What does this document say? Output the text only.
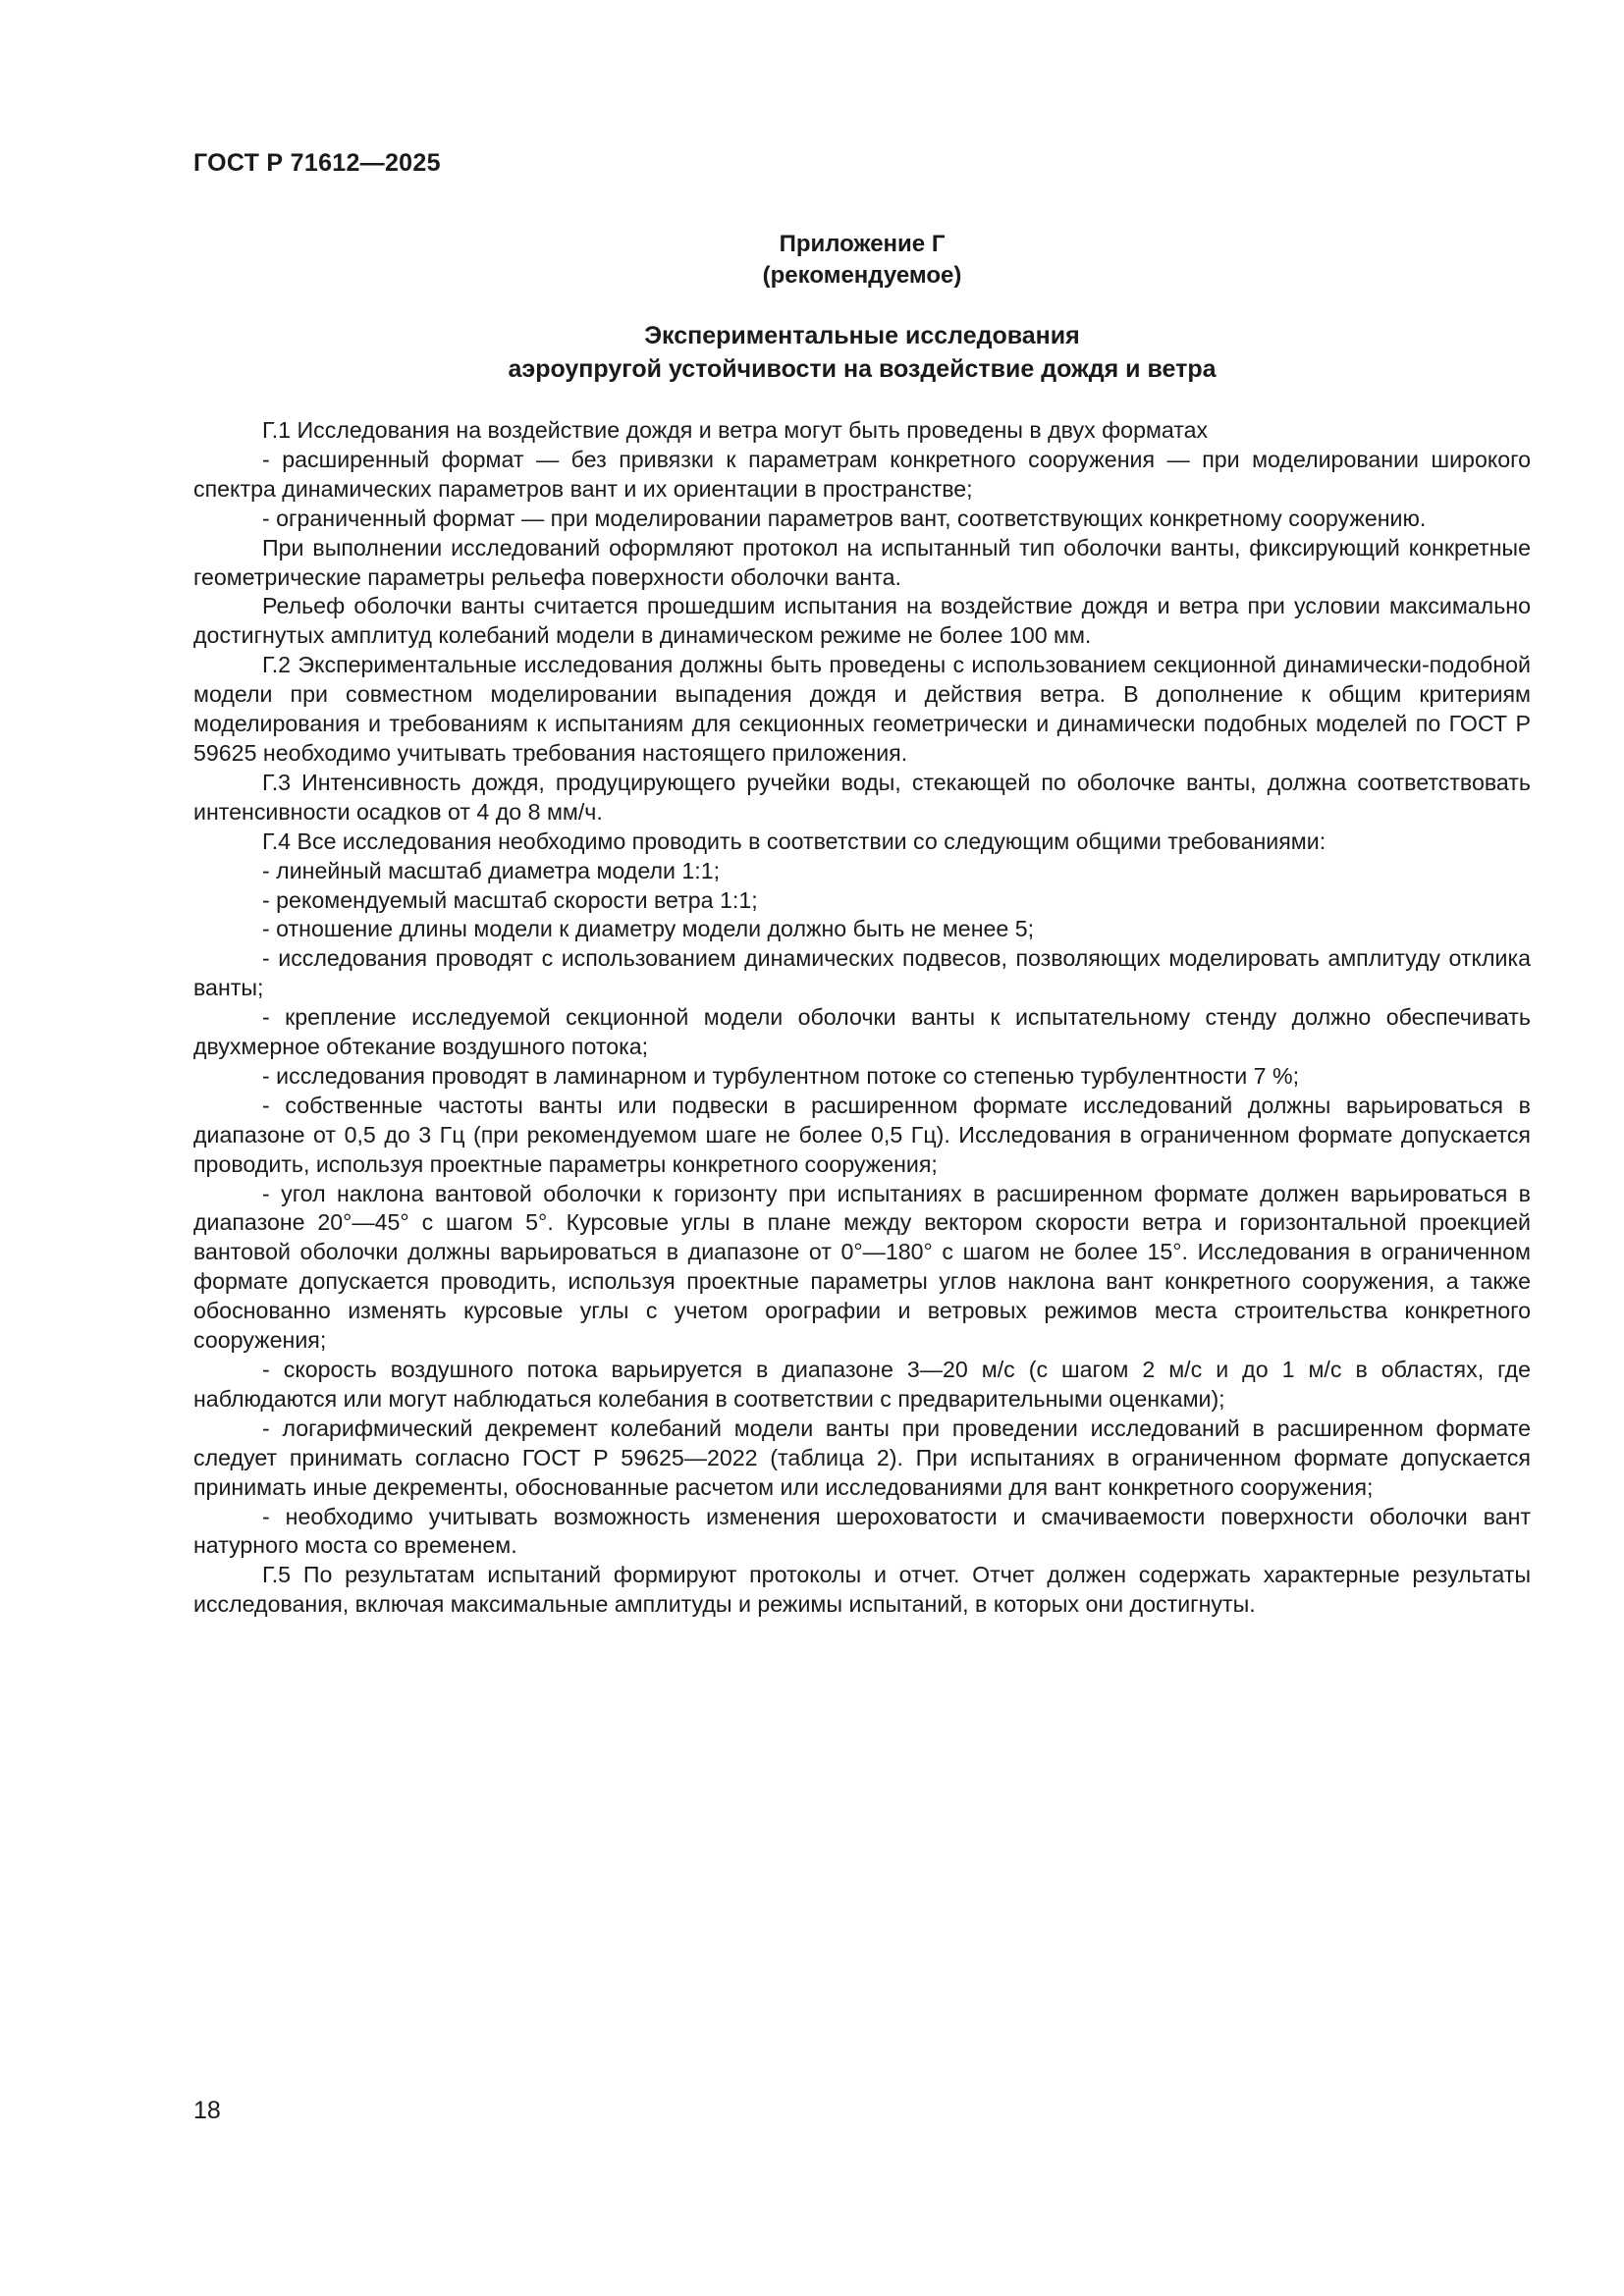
ГОСТ Р 71612—2025
Приложение Г
(рекомендуемое)
Экспериментальные исследования
аэроупругой устойчивости на воздействие дождя и ветра

Г.1 Исследования на воздействие дождя и ветра могут быть проведены в двух форматах

- расширенный формат — без привязки к параметрам конкретного сооружения — при моделировании широкого спектра динамических параметров вант и их ориентации в пространстве;

- ограниченный формат — при моделировании параметров вант, соответствующих конкретному сооружению.

При выполнении исследований оформляют протокол на испытанный тип оболочки ванты, фиксирующий конкретные геометрические параметры рельефа поверхности оболочки ванта.

Рельеф оболочки ванты считается прошедшим испытания на воздействие дождя и ветра при условии максимально достигнутых амплитуд колебаний модели в динамическом режиме не более 100 мм.

Г.2 Экспериментальные исследования должны быть проведены с использованием секционной динамически-подобной модели при совместном моделировании выпадения дождя и действия ветра. В дополнение к общим критериям моделирования и требованиям к испытаниям для секционных геометрически и динамически подобных моделей по ГОСТ Р 59625 необходимо учитывать требования настоящего приложения.

Г.3 Интенсивность дождя, продуцирующего ручейки воды, стекающей по оболочке ванты, должна соответствовать интенсивности осадков от 4 до 8 мм/ч.

Г.4 Все исследования необходимо проводить в соответствии со следующим общими требованиями:

- линейный масштаб диаметра модели 1:1;

- рекомендуемый масштаб скорости ветра 1:1;

- отношение длины модели к диаметру модели должно быть не менее 5;

- исследования проводят с использованием динамических подвесов, позволяющих моделировать амплитуду отклика ванты;

- крепление исследуемой секционной модели оболочки ванты к испытательному стенду должно обеспечивать двухмерное обтекание воздушного потока;

- исследования проводят в ламинарном и турбулентном потоке со степенью турбулентности 7 %;

- собственные частоты ванты или подвески в расширенном формате исследований должны варьироваться в диапазоне от 0,5 до 3 Гц (при рекомендуемом шаге не более 0,5 Гц). Исследования в ограниченном формате допускается проводить, используя проектные параметры конкретного сооружения;

- угол наклона вантовой оболочки к горизонту при испытаниях в расширенном формате должен варьироваться в диапазоне 20°—45° с шагом 5°. Курсовые углы в плане между вектором скорости ветра и горизонтальной проекцией вантовой оболочки должны варьироваться в диапазоне от 0°—180° с шагом не более 15°. Исследования в ограниченном формате допускается проводить, используя проектные параметры углов наклона вант конкретного сооружения, а также обоснованно изменять курсовые углы с учетом орографии и ветровых режимов места строительства конкретного сооружения;

- скорость воздушного потока варьируется в диапазоне 3—20 м/с (с шагом 2 м/с и до 1 м/с в областях, где наблюдаются или могут наблюдаться колебания в соответствии с предварительными оценками);

- логарифмический декремент колебаний модели ванты при проведении исследований в расширенном формате следует принимать согласно ГОСТ Р 59625—2022 (таблица 2). При испытаниях в ограниченном формате допускается принимать иные декременты, обоснованные расчетом или исследованиями для вант конкретного сооружения;

- необходимо учитывать возможность изменения шероховатости и смачиваемости поверхности оболочки вант натурного моста со временем.

Г.5 По результатам испытаний формируют протоколы и отчет. Отчет должен содержать характерные результаты исследования, включая максимальные амплитуды и режимы испытаний, в которых они достигнуты.

18
